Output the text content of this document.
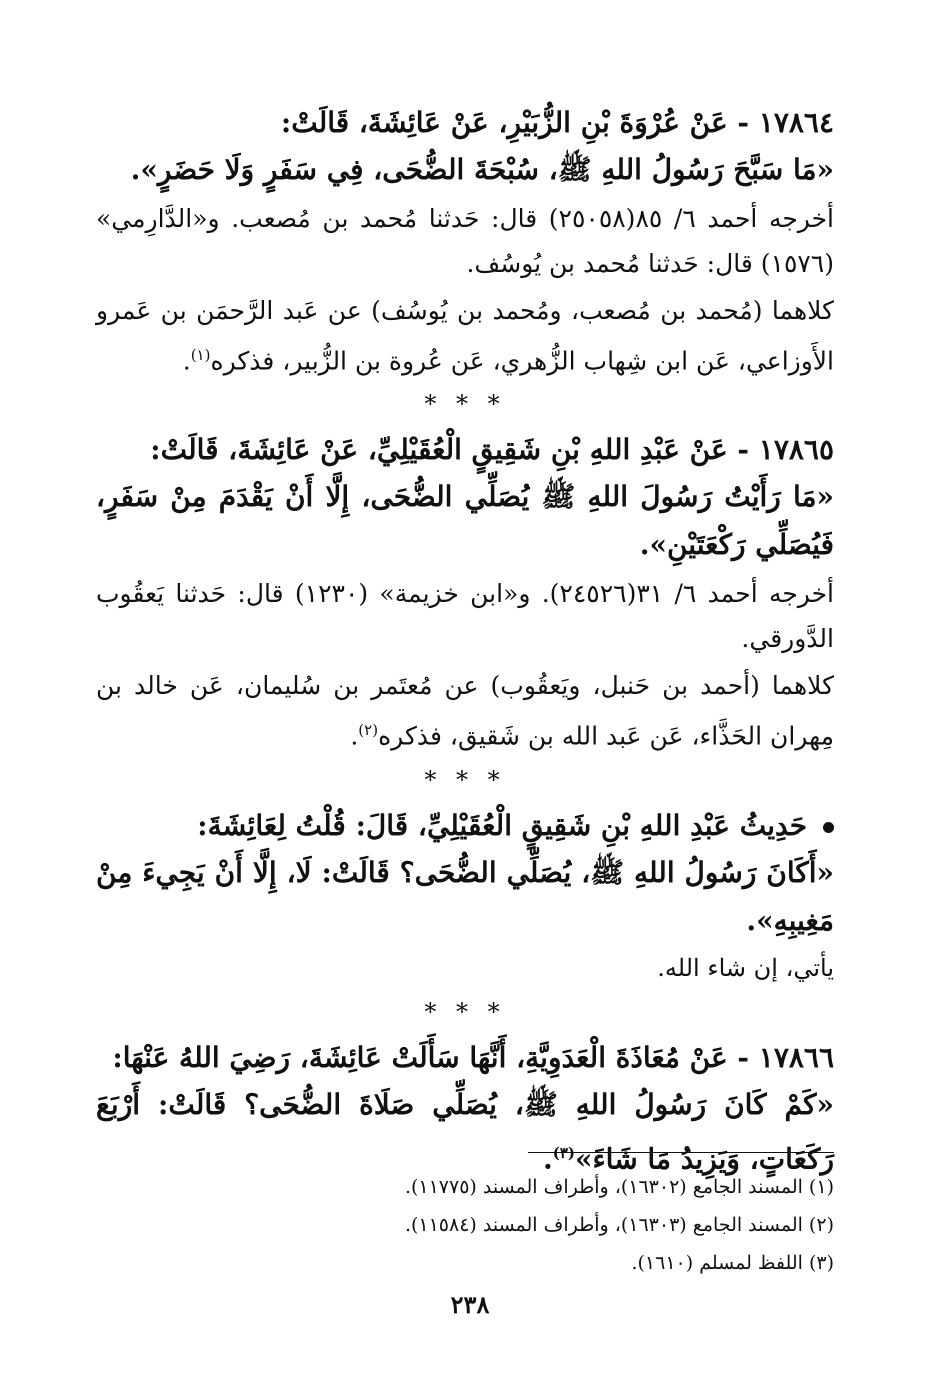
١٧٨٦٤ - عَنْ عُرْوَةَ بْنِ الزُّبَيْرِ، عَنْ عَائِشَةَ، قَالَتْ:
«مَا سَبَّحَ رَسُولُ اللهِ ﷺ، سُبْحَةَ الضُّحَى، فِي سَفَرٍ وَلَا حَضَرٍ».
أخرجه أحمد ٦/ ٨٥(٢٥٠٥٨) قال: حَدثنا مُحمد بن مُصعب. و«الدَّارِمي» (١٥٧٦) قال: حَدثنا مُحمد بن يُوسُف.
كلاهما (مُحمد بن مُصعب، ومُحمد بن يُوسُف) عن عَبد الرَّحمَن بن عَمرو الأَوزاعي، عَن ابن شِهاب الزُّهري، عَن عُروة بن الزُّبير، فذكره$^{(١)}$.
* * *
١٧٨٦٥ - عَنْ عَبْدِ اللهِ بْنِ شَقِيقٍ الْعُقَيْلِيِّ، عَنْ عَائِشَةَ، قَالَتْ:
«مَا رَأَيْتُ رَسُولَ اللهِ ﷺ يُصَلِّي الضُّحَى، إِلَّا أَنْ يَقْدَمَ مِنْ سَفَرٍ، فَيُصَلِّي رَكْعَتَيْنِ».
أخرجه أحمد ٦/ ٣١(٢٤٥٢٦). و«ابن خزيمة» (١٢٣٠) قال: حَدثنا يَعقُوب الدَّورقي.
كلاهما (أحمد بن حَنبل، ويَعقُوب) عن مُعتَمر بن سُليمان، عَن خالد بن مِهران الحَذَّاء، عَن عَبد الله بن شَقيق، فذكره$^{(٢)}$.
* * *
حَدِيثُ عَبْدِ اللهِ بْنِ شَقِيقٍ الْعُقَيْلِيِّ، قَالَ: قُلْتُ لِعَائِشَةَ:
«أَكَانَ رَسُولُ اللهِ ﷺ، يُصَلِّي الضُّحَى؟ قَالَتْ: لَا، إِلَّا أَنْ يَجِيءَ مِنْ مَغِيبِهِ».
يأتي، إن شاء الله.
* * *
١٧٨٦٦ - عَنْ مُعَاذَةَ الْعَدَوِيَّةِ، أَنَّهَا سَأَلَتْ عَائِشَةَ، رَضِيَ اللهُ عَنْهَا:
«كَمْ كَانَ رَسُولُ اللهِ ﷺ، يُصَلِّي صَلَاةَ الضُّحَى؟ قَالَتْ: أَرْبَعَ رَكَعَاتٍ، وَيَزِيدُ مَا شَاءَ»$^{(٣)}$.
(١) المسند الجامع (١٦٣٠٢)، وأطراف المسند (١١٧٧٥).
(٢) المسند الجامع (١٦٣٠٣)، وأطراف المسند (١١٥٨٤).
(٣) اللفظ لمسلم (١٦١٠).
٢٣٨
